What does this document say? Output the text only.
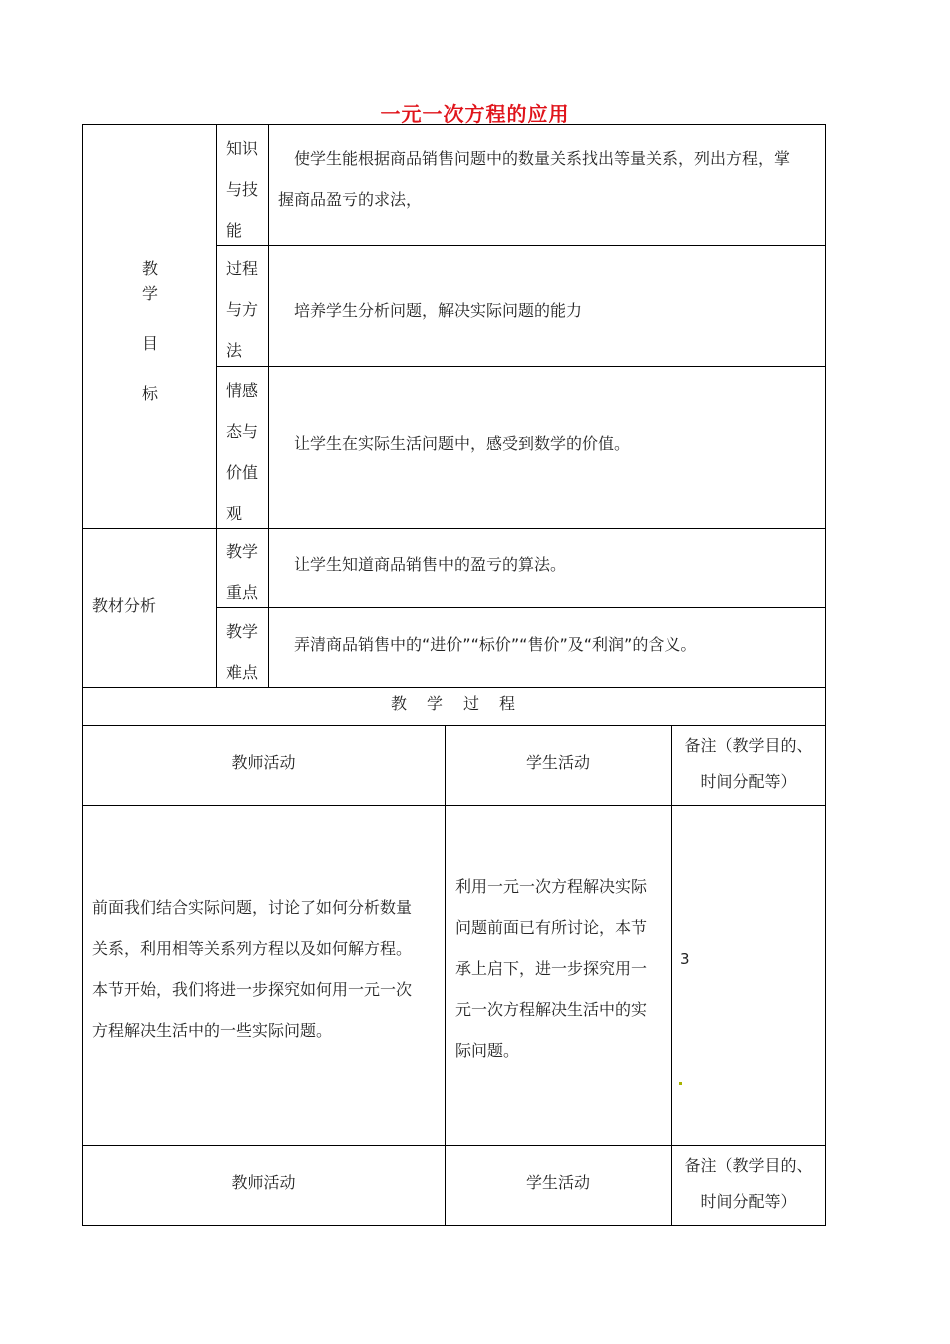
一元一次方程的应用
教
学
目
标
知识
与技
能
使学生能根据商品销售问题中的数量关系找出等量关系，列出方程，掌
握商品盈亏的求法，
过程
与方
法
培养学生分析问题，解决实际问题的能力
情感
态与
价值
观
让学生在实际生活问题中，感受到数学的价值。
教材分析
教学
重点
让学生知道商品销售中的盈亏的算法。
教学
难点
弄清商品销售中的“进价”“标价”“售价”及“利润”的含义。
教　学　过　程
教师活动	学生活动
备注（教学目的、
时间分配等）
前面我们结合实际问题，讨论了如何分析数量
关系，利用相等关系列方程以及如何解方程。
本节开始，我们将进一步探究如何用一元一次
方程解决生活中的一些实际问题。
利用一元一次方程解决实际
问题前面已有所讨论，本节
承上启下，进一步探究用一
元一次方程解决生活中的实
际问题。
3
教师活动	学生活动
备注（教学目的、
时间分配等）
